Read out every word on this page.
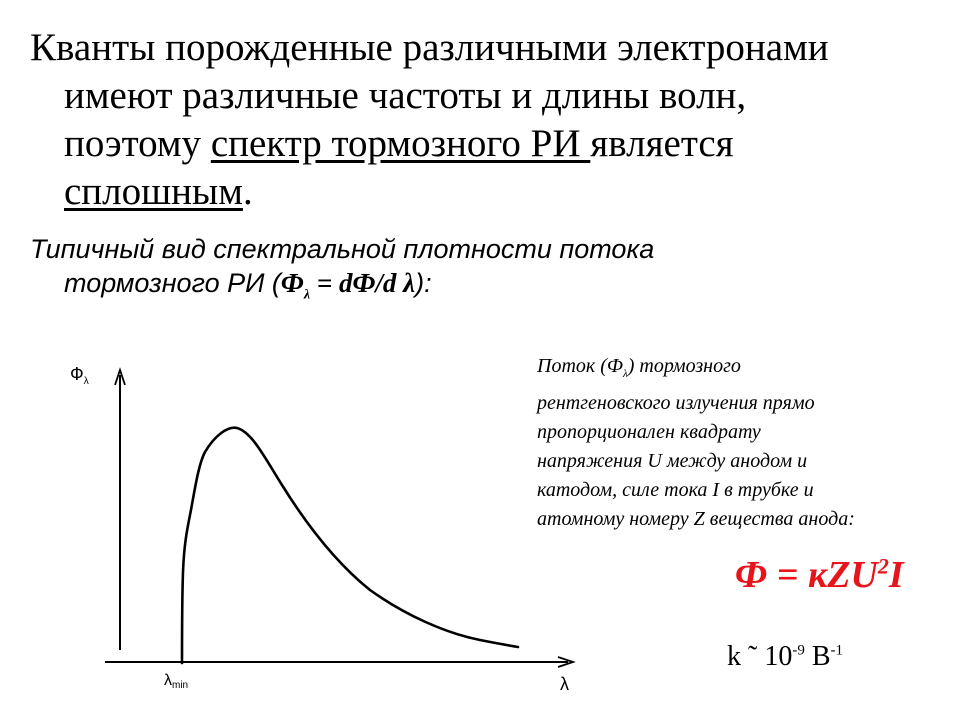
Кванты порожденные различными электронами
имеют различные частоты и длины волн,
поэтому спектр тормозного РИ является
сплошным.
Типичный вид спектральной плотности потока
тормозного РИ ($Ф_\lambda = dФ/d$ λ):
$Ф_\lambda$
λ
λmin
Поток $(Ф_\lambda)$ тормозного
рентгеновского излучения прямо
пропорционален квадрату
напряжения U между анодом и
катодом, силе тока I в трубке и
атомному номеру Z вещества анода:
Ф = кZU$^2$I
k ˜ $10^{-9}$ $В^{-1}$
